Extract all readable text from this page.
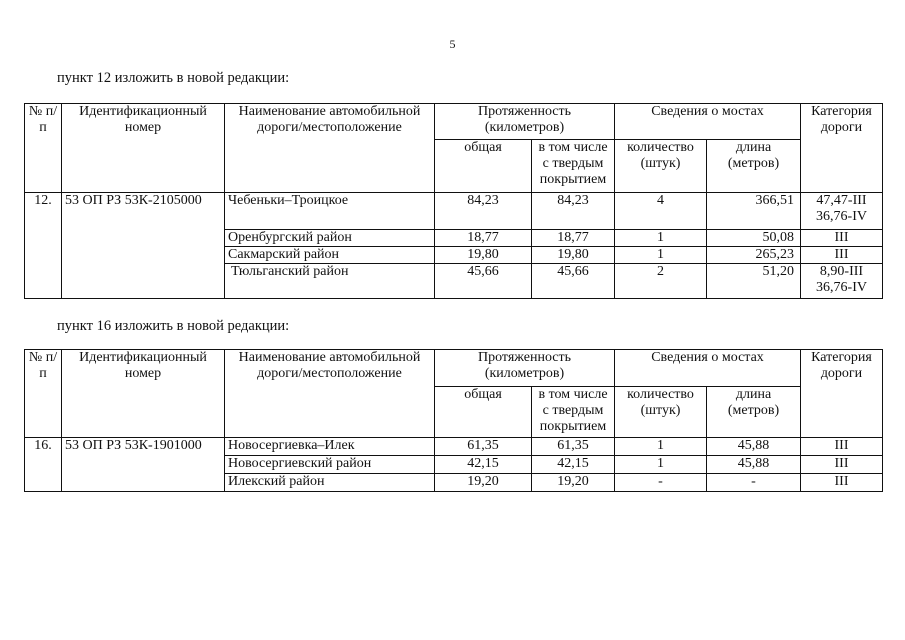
5
пункт 12 изложить в новой редакции:
№ п/п	Идентификационный номер	Наименование автомобильной дороги/местоположение	Протяженность (километров)		Сведения о мостах		Категория дороги
			общая	в том числе с твердым покрытием	количество (штук)	длина (метров)	
12.	53 ОП РЗ 53К-2105000	Чебеньки–Троицкое	84,23	84,23	4	366,51	47,47-III
36,76-IV

		Оренбургский район	18,77	18,77	1	50,08	III
		Сакмарский район	19,80	19,80	1	265,23	III
		Тюльганский район	45,66	45,66	2	51,20	8,90-III
36,76-IV
пункт 16 изложить в новой редакции:
№ п/п	Идентификационный номер	Наименование автомобильной дороги/местоположение	Протяженность (километров)		Сведения о мостах		Категория дороги
			общая	в том числе с твердым покрытием	количество (штук)	длина (метров)	
16.	53 ОП РЗ 53К-1901000	Новосергиевка–Илек	61,35	61,35	1	45,88	III
		Новосергиевский район	42,15	42,15	1	45,88	III
		Илекский район	19,20	19,20	-	-	III
